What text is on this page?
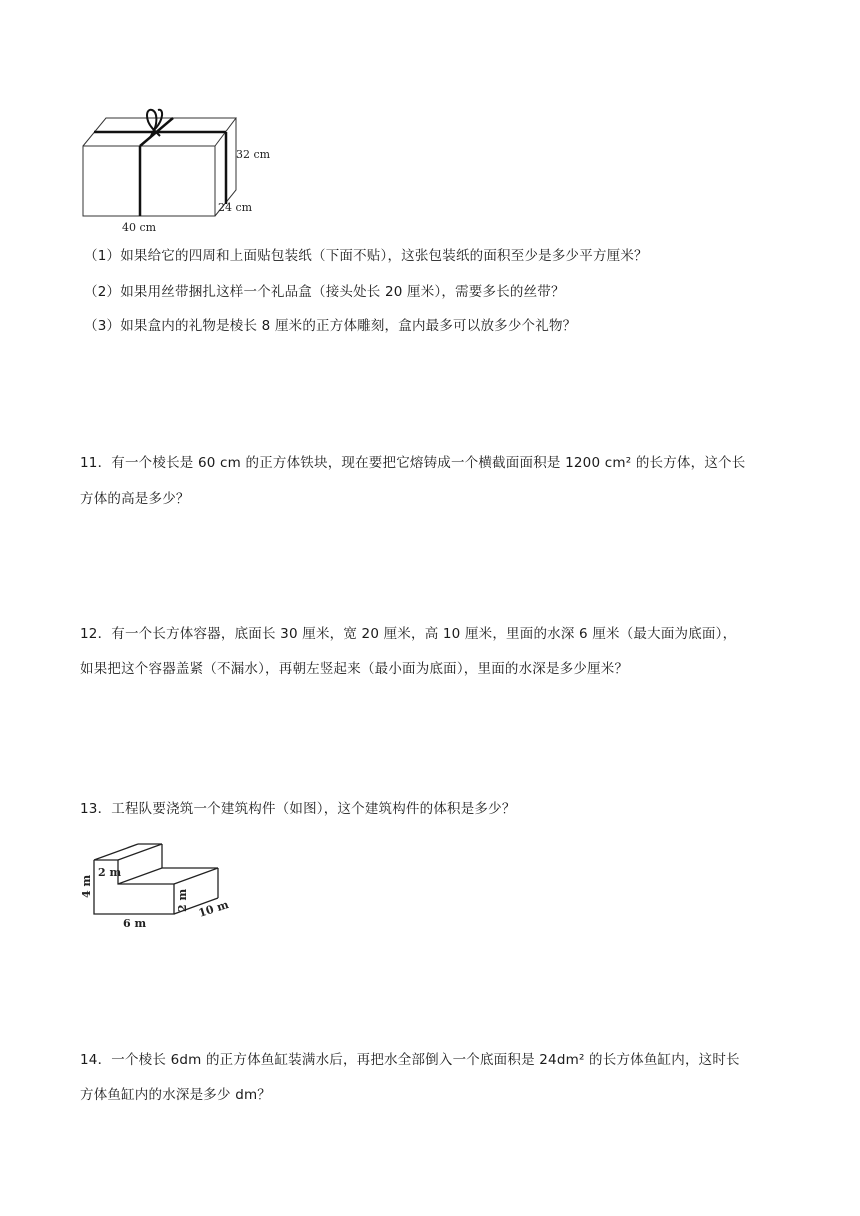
32 cm
24 cm
40 cm
（1）如果给它的四周和上面贴包装纸（下面不贴），这张包装纸的面积至少是多少平方厘米？
（2）如果用丝带捆扎这样一个礼品盒（接头处长 20 厘米），需要多长的丝带？
（3）如果盒内的礼物是棱长 8 厘米的正方体雕刻，盒内最多可以放多少个礼物？
11．有一个棱长是 60 cm 的正方体铁块，现在要把它熔铸成一个横截面面积是 1200 cm² 的长方体，这个长
方体的高是多少？
12．有一个长方体容器，底面长 30 厘米，宽 20 厘米，高 10 厘米，里面的水深 6 厘米（最大面为底面），
如果把这个容器盖紧（不漏水），再朝左竖起来（最小面为底面），里面的水深是多少厘米？
13．工程队要浇筑一个建筑构件（如图），这个建筑构件的体积是多少？
2 m
4 m
2 m
6 m
10 m
14．一个棱长 6dm 的正方体鱼缸装满水后，再把水全部倒入一个底面积是 24dm² 的长方体鱼缸内，这时长
方体鱼缸内的水深是多少 dm？
